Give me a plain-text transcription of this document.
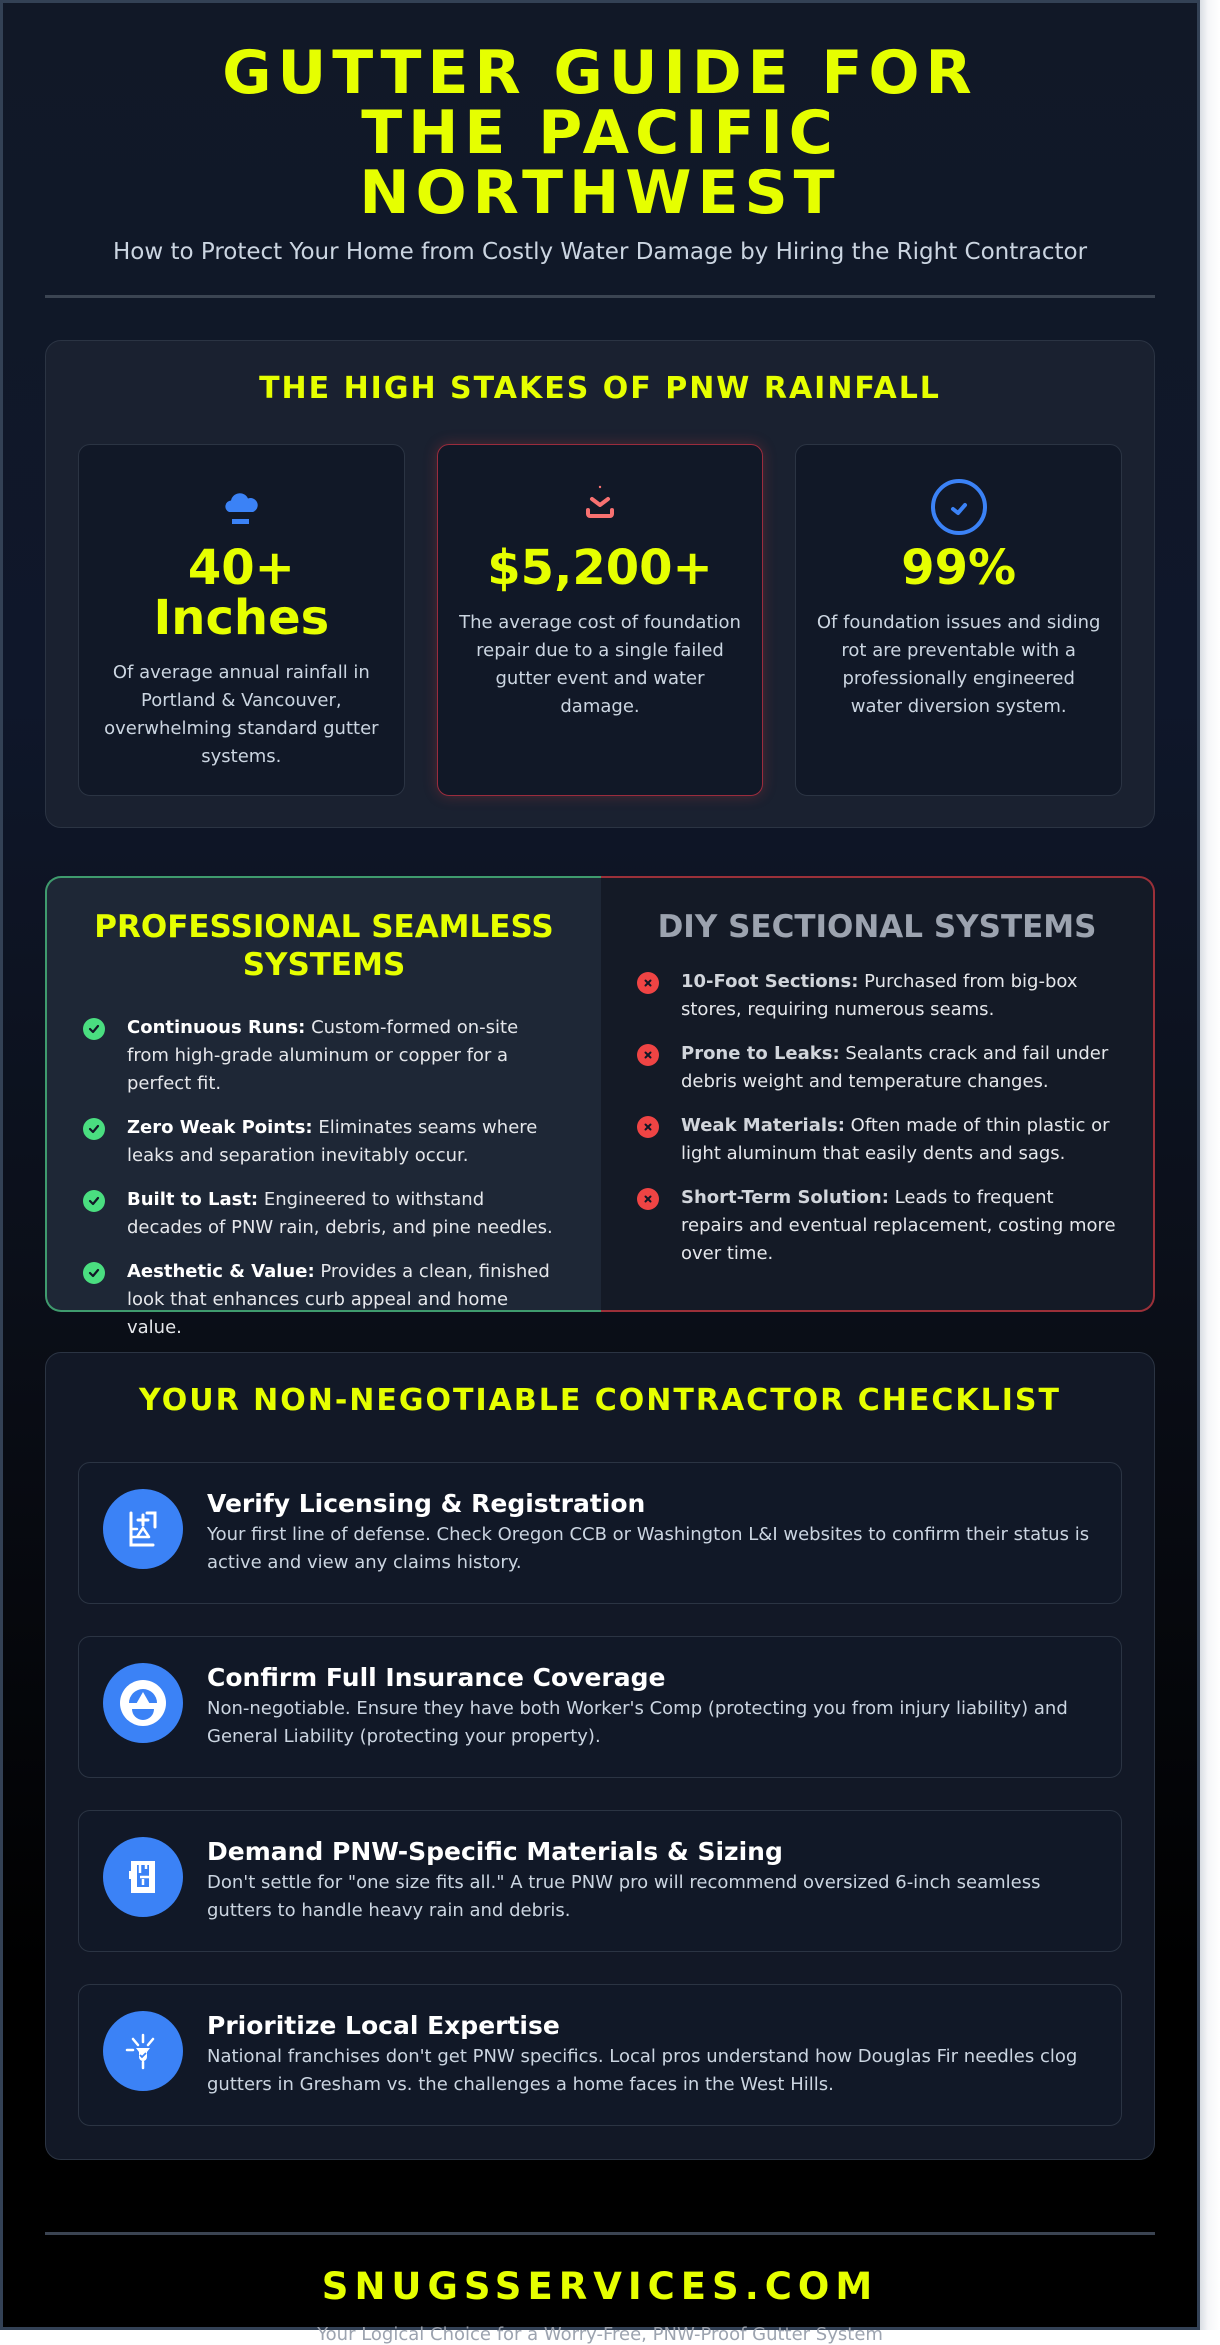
GUTTER GUIDE FOR THE PACIFIC NORTHWEST

How to Protect Your Home from Costly Water Damage by Hiring the Right Contractor

THE HIGH STAKES OF PNW RAINFALL
40+ Inches
Of average annual rainfall in Portland & Vancouver, overwhelming standard gutter systems.
$5,200+
The average cost of foundation repair due to a single failed gutter event and water damage.
99%
Of foundation issues and siding rot are preventable with a professionally engineered water diversion system.
PROFESSIONAL SEAMLESS SYSTEMS
Continuous Runs: Custom-formed on-site from high-grade aluminum or copper for a perfect fit.
Zero Weak Points: Eliminates seams where leaks and separation inevitably occur.
Built to Last: Engineered to withstand decades of PNW rain, debris, and pine needles.
Aesthetic & Value: Provides a clean, finished look that enhances curb appeal and home value.
DIY SECTIONAL SYSTEMS
10-Foot Sections: Purchased from big-box stores, requiring numerous seams.
Prone to Leaks: Sealants crack and fail under debris weight and temperature changes.
Weak Materials: Often made of thin plastic or light aluminum that easily dents and sags.
Short-Term Solution: Leads to frequent repairs and eventual replacement, costing more over time.
YOUR NON-NEGOTIABLE CONTRACTOR CHECKLIST
Verify Licensing & Registration
Your first line of defense. Check Oregon CCB or Washington L&I websites to confirm their status is active and view any claims history.
Confirm Full Insurance Coverage
Non-negotiable. Ensure they have both Worker's Comp (protecting you from injury liability) and General Liability (protecting your property).
Demand PNW-Specific Materials & Sizing
Don't settle for "one size fits all." A true PNW pro will recommend oversized 6-inch seamless gutters to handle heavy rain and debris.
Prioritize Local Expertise
National franchises don't get PNW specifics. Local pros understand how Douglas Fir needles clog gutters in Gresham vs. the challenges a home faces in the West Hills.
SNUGSSERVICES.COM
Your Logical Choice for a Worry-Free, PNW-Proof Gutter System
